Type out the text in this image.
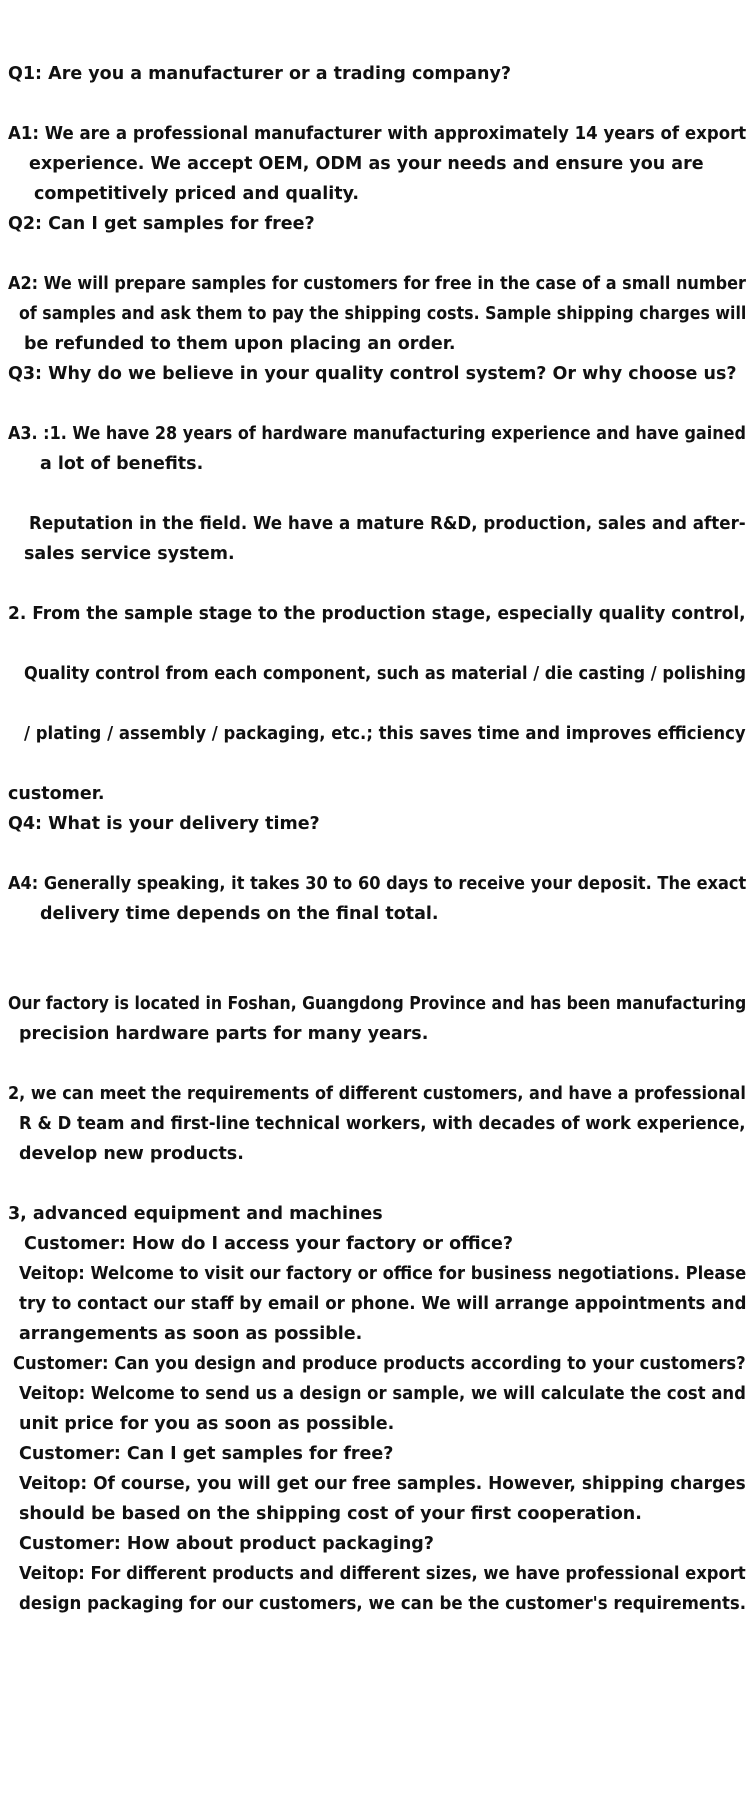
Q1: Are you a manufacturer or a trading company?

A1: We are a professional manufacturer with approximately 14 years of export

experience. We accept OEM, ODM as your needs and ensure you are

competitively priced and quality.

Q2: Can I get samples for free?

A2: We will prepare samples for customers for free in the case of a small number

of samples and ask them to pay the shipping costs. Sample shipping charges will

be refunded to them upon placing an order.

Q3: Why do we believe in your quality control system? Or why choose us?

A3. :1. We have 28 years of hardware manufacturing experience and have gained

a lot of benefits.

Reputation in the field. We have a mature R&D, production, sales and after-

sales service system.

2. From the sample stage to the production stage, especially quality control,

Quality control from each component, such as material / die casting / polishing

/ plating / assembly / packaging, etc.; this saves time and improves efficiency

customer.

Q4: What is your delivery time?

A4: Generally speaking, it takes 30 to 60 days to receive your deposit. The exact

delivery time depends on the final total.

Our factory is located in Foshan, Guangdong Province and has been manufacturing

precision hardware parts for many years.

2, we can meet the requirements of different customers, and have a professional

R & D team and first-line technical workers, with decades of work experience,

develop new products.

3, advanced equipment and machines

Customer: How do I access your factory or office?

Veitop: Welcome to visit our factory or office for business negotiations. Please

try to contact our staff by email or phone. We will arrange appointments and

arrangements as soon as possible.

Customer: Can you design and produce products according to your customers?

Veitop: Welcome to send us a design or sample, we will calculate the cost and

unit price for you as soon as possible.

Customer: Can I get samples for free?

Veitop: Of course, you will get our free samples. However, shipping charges

should be based on the shipping cost of your first cooperation.

Customer: How about product packaging?

Veitop: For different products and different sizes, we have professional export

design packaging for our customers, we can be the customer's requirements.
